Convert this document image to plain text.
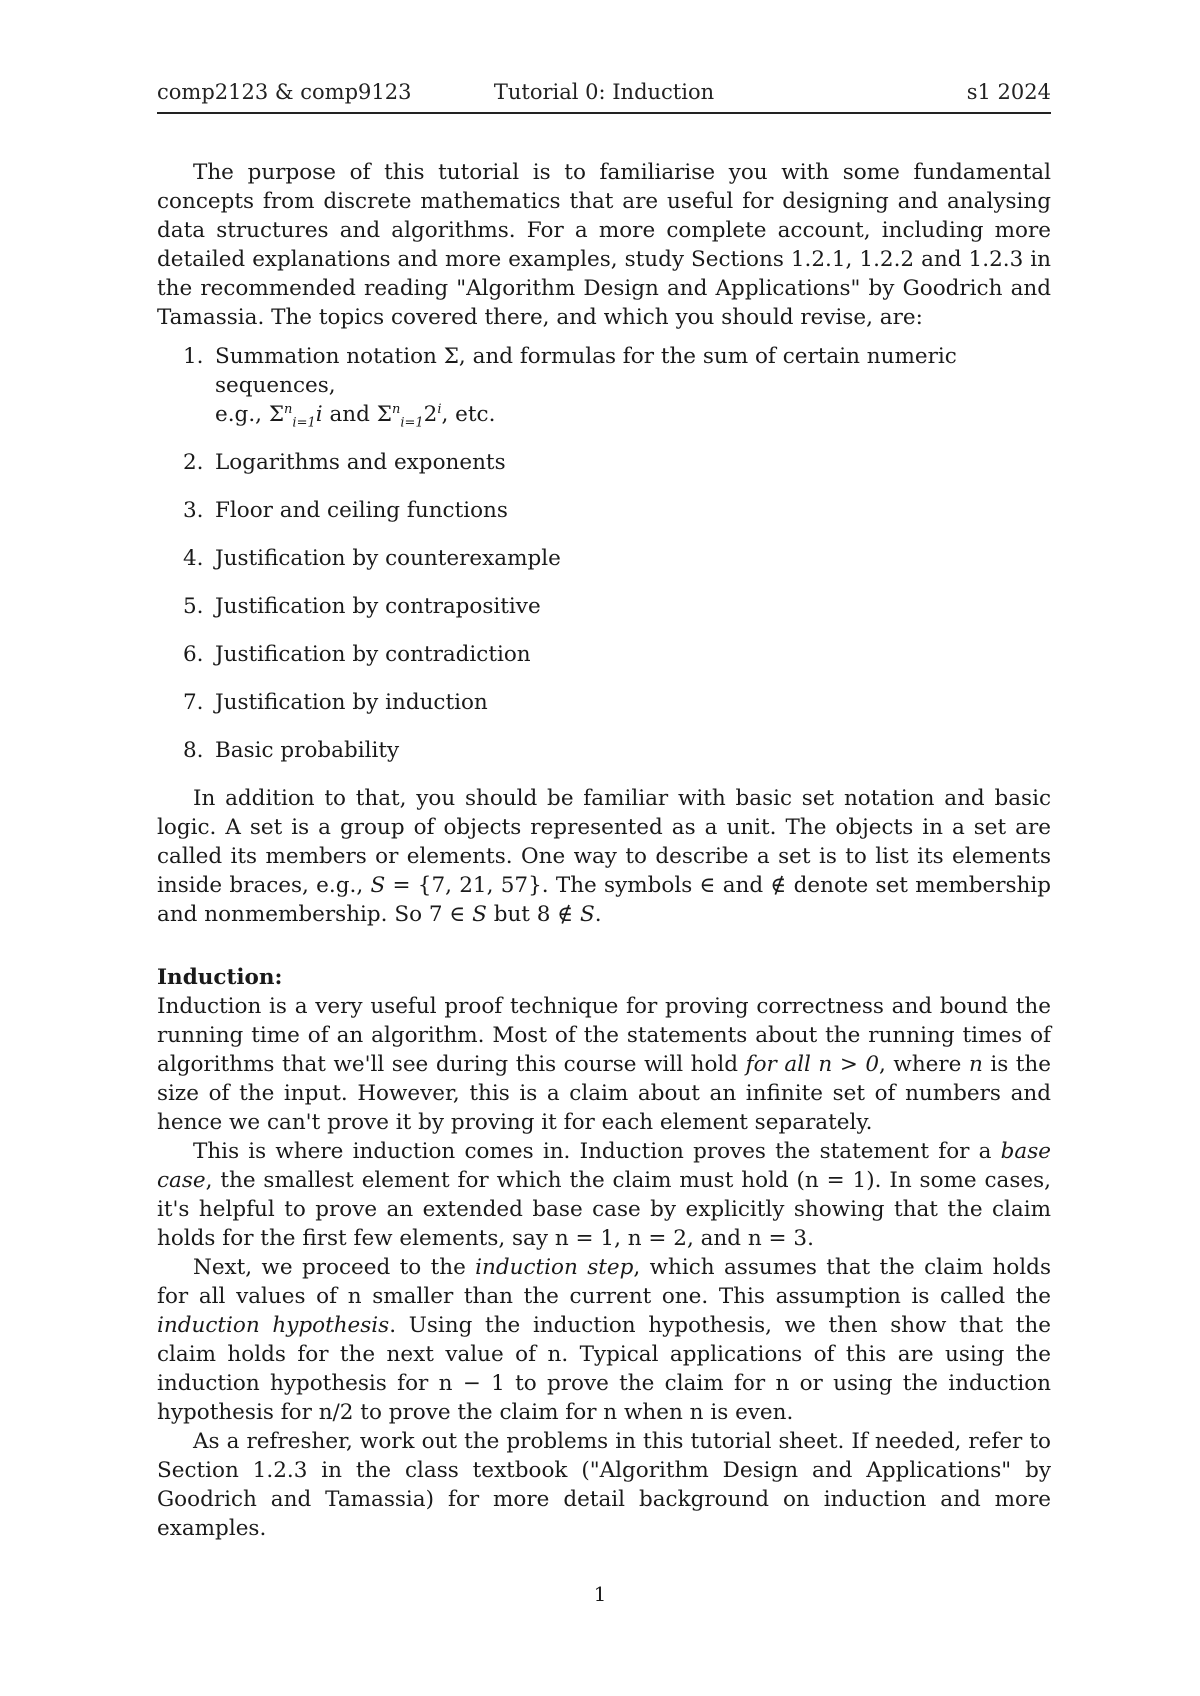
comp2123 & comp9123	Tutorial 0: Induction	s1 2024

The purpose of this tutorial is to familiarise you with some fundamental concepts from discrete mathematics that are useful for designing and analysing data structures and algorithms. For a more complete account, including more detailed explanations and more examples, study Sections 1.2.1, 1.2.2 and 1.2.3 in the recommended reading "Algorithm Design and Applications" by Goodrich and Tamassia. The topics covered there, and which you should revise, are:

1. Summation notation Σ, and formulas for the sum of certain numeric sequences,
e.g., $\Sigma^n_{i=1}i$ and $\Sigma^n_{i=1}2^i$, etc.
2. Logarithms and exponents
3. Floor and ceiling functions
4. Justification by counterexample
5. Justification by contrapositive
6. Justification by contradiction
7. Justification by induction
8. Basic probability

In addition to that, you should be familiar with basic set notation and basic logic. A set is a group of objects represented as a unit. The objects in a set are called its members or elements. One way to describe a set is to list its elements inside braces, e.g., S = {7, 21, 57}. The symbols ∈ and ∉ denote set membership and nonmembership. So 7 ∈ S but 8 ∉ S.

Induction:

Induction is a very useful proof technique for proving correctness and bound the running time of an algorithm. Most of the statements about the running times of algorithms that we'll see during this course will hold for all n > 0, where n is the size of the input. However, this is a claim about an infinite set of numbers and hence we can't prove it by proving it for each element separately.

This is where induction comes in. Induction proves the statement for a base case, the smallest element for which the claim must hold (n = 1). In some cases, it's helpful to prove an extended base case by explicitly showing that the claim holds for the first few elements, say n = 1, n = 2, and n = 3.

Next, we proceed to the induction step, which assumes that the claim holds for all values of n smaller than the current one. This assumption is called the induction hypothesis. Using the induction hypothesis, we then show that the claim holds for the next value of n. Typical applications of this are using the induction hypothesis for n − 1 to prove the claim for n or using the induction hypothesis for n/2 to prove the claim for n when n is even.

As a refresher, work out the problems in this tutorial sheet. If needed, refer to Section 1.2.3 in the class textbook ("Algorithm Design and Applications" by Goodrich and Tamassia) for more detail background on induction and more examples.

1
